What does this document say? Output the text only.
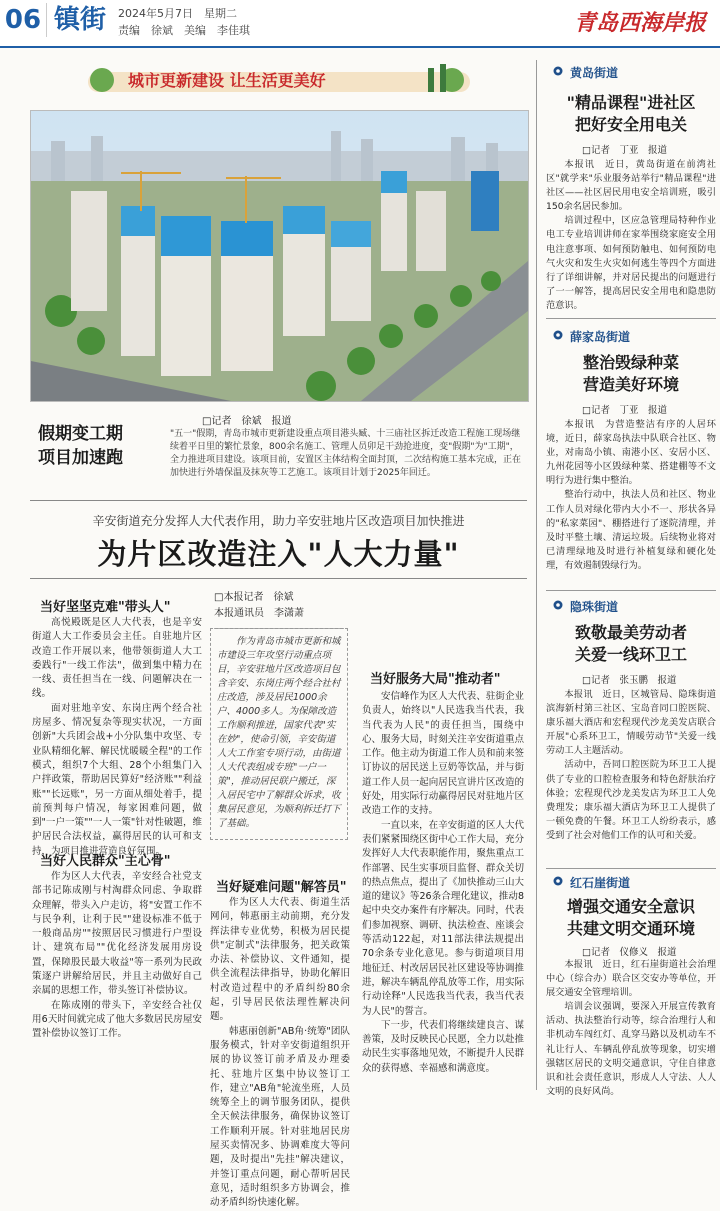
06 镇街 2024年5月7日　星期二
责编　徐斌　美编　李佳琪	青岛西海岸报
城市更新建设 让生活更美好
假期变工期
项目加速跑
□记者　徐斌　报道
"五一"假期，青岛市城市更新建设重点项目港头臧、十三庙社区拆迁改造工程施工现场继续着平日里的繁忙景象，800余名施工、管理人员卯足干劲抢进度，变"假期"为"工期"，全力推进项目建设。该项目前，安置区主体结构全面封顶，二次结构施工基本完成，正在加快进行外墙保温及抹灰等工艺施工。该项目计划于2025年回迁。
辛安街道充分发挥人大代表作用，助力辛安驻地片区改造项目加快推进
为片区改造注入"人大力量"
当好坚坚克难"带头人"

高悦殿既是区人大代表，也是辛安街道人大工作委员会主任。自驻地片区改造工作开展以来，他带领街道人大工委践行"一线工作法"，做到集中精力在一线、责任担当在一线、问题解决在一线。

面对驻地辛安、东岗庄两个经合社房屋多、情况复杂等现实状况，一方面创新"大兵团会战+小分队集中攻坚、专业队精细化解、解民忧暖暖全程"的工作模式，组织7个大组、28个小组集门入户拌政策，帮助居民算好"经济账""利益账""长远账"，另一方面从细处着手，提前预判每户情况，每家困难问题，做到"一户一策""一人一策"针对性破题，维护居民合法权益，赢得居民的认可和支持，为项目推进营造良好氛围。

当好人民群众"主心骨"

作为区人大代表，辛安经合社党支部书记陈成刚与村淘群众同虑、争取群众理解，带头入户走访，将"安置工作不与民争利，让利于民""建设标准不低于一般商品房""按照居民习惯进行户型设计、建筑布局""优化经济发展用房设置，保障股民最大收益"等一系列为民政策逐户讲解给居民，并且主动做好自己亲属的思想工作，带头签订补偿协议。

在陈成刚的带头下，辛安经合社仅用6天时间就完成了他大多数居民房屋安置补偿协议签订工作。

□本报记者　徐斌
本报通讯员　李潇萧
作为青岛市城市更新和城市建设三年攻坚行动重点项目，辛安驻地片区改造项目包含辛安、东岗庄两个经合社村庄改造，涉及居民1000余户、4000多人。为保障改造工作顺利推进，国家代表"实在妙"，使命引领，辛安街道人大工作室专项行动，由街道人大代表组成专班"一户一策"，推动居民联户搬迁，深入居民宅中了解群众诉求，收集居民意见，为顺利拆迁打下了基础。
当好疑难问题"解答员"

作为区人大代表、街道生活网问，韩惠丽主动前期，充分发挥法律专业优势，积极为居民提供"定制式"法律服务，把关政策办法、补偿协议、文件通知，提供全流程法律指导，协助化解旧村改造过程中的矛盾纠纷80余起，引导居民依法理性解决问题。

韩惠丽创新"AB角·统筹"团队服务模式，针对辛安街道组织开展的协议签订前矛盾及办理委托、驻地片区集中协议签订工作，建立"AB角"轮流坐班，人员统筹全上的调节服务团队，提供全天候法律服务，确保协议签订工作顺利开展。针对驻地居民房屋买卖情况多、协调难度大等问题，及时提出"先挂"解决建议，并签订重点问题，耐心帮听居民意见，适时组织多方协调会，推动矛盾纠纷快速化解。

当好服务大局"推动者"

安信峰作为区人大代表、驻街企业负责人，始终以"人民选我当代表，我当代表为人民"的责任担当，围绕中心、服务大局，时刻关注辛安街道重点工作。他主动为街道工作人员和前来签订协议的居民送上豆奶等饮品，并与街道工作人员一起向居民宣讲片区改造的好处，用实际行动赢得居民对驻地片区改造工作的支持。

一直以来，在辛安街道的区人大代表们紧紧围绕区街中心工作大局，充分发挥好人大代表职能作用，聚焦重点工作部署、民生实事项目监督、群众关切的热点焦点，提出了《加快推动三山大道的建议》等26条合理化建议，推动8起中央交办案件有序解决。同时，代表们参加视察、调研、执法检查、座谈会等活动122起，对11部法律法规提出70余条专业化意见。参与街道项目用地征迁、村改居居民社区建设等协调推进，解决车辆乱停乱放等工作，用实际行动诠释"人民选我当代表，我当代表为人民"的誓言。

下一步，代表们将继续建良言、谋善策，及时反映民心民愿，全力以赴推动民生实事落地见效，不断提升人民群众的获得感、幸福感和满意度。

黄岛街道
"精品课程"进社区
把好安全用电关
□记者　丁亚　报道

本报讯　近日，黄岛街道在前湾社区"就学来"乐业服务站举行"精品课程"进社区——社区居民用电安全培训班，吸引150余名居民参加。

培训过程中，区应急管理局特种作业电工专业培训讲师在家举围绕家庭安全用电注意事项、如何预防触电、如何预防电气火灾和发生火灾如何逃生等四个方面进行了详细讲解，并对居民提出的问题进行了一一解答，提高居民安全用电和隐患防范意识。

薛家岛街道
整治毁绿种菜
营造美好环境
□记者　丁亚　报道

本报讯　为营造整洁有序的人居环境，近日，薛家岛执法中队联合社区、物业，对南岛小镇、南港小区、安居小区、九州花园等小区毁绿种菜、搭建棚等不文明行为进行集中整治。

整治行动中，执法人员和社区、物业工作人员对绿化带内大小不一、形状各异的"私家菜园"、棚搭进行了逐院清理，并及时平整土壤、清运垃圾。后续物业将对已清理绿地及时进行补植复绿和硬化处理，有效遏制毁绿行为。

隐珠街道
致敬最美劳动者
关爱一线环卫工
□记者　张玉鹏　报道

本报讯　近日，区城管局、隐珠街道滨海新村第三社区、宝岛音同口腔医院、康乐福大酒店和宏程现代沙龙美发店联合开展"心系环卫工，情暖劳动节"关爱一线劳动工人主题活动。

活动中，吾同口腔医院为环卫工人提供了专业的口腔检查服务和特色舒肤治疗体验；宏程现代沙龙美发店为环卫工人免费理发；康乐福大酒店为环卫工人提供了一顿免费的午餐。环卫工人纷纷表示，感受到了社会对他们工作的认可和关爱。

红石崖街道
增强交通安全意识
共建文明交通环境
□记者　仪修义　报道

本报讯　近日，红石崖街道社会治理中心（综合办）联合区交安办等单位，开展交通安全管理培训。

培训会议强调，要深入开展宣传教育活动、执法整治行动等，综合治理行人和非机动车闯红灯、乱穿马路以及机动车不礼让行人、车辆乱停乱放等现象，切实增强辖区居民的文明交通意识，守住自律意识和社会责任意识，形成人人守法、人人文明的良好风尚。
